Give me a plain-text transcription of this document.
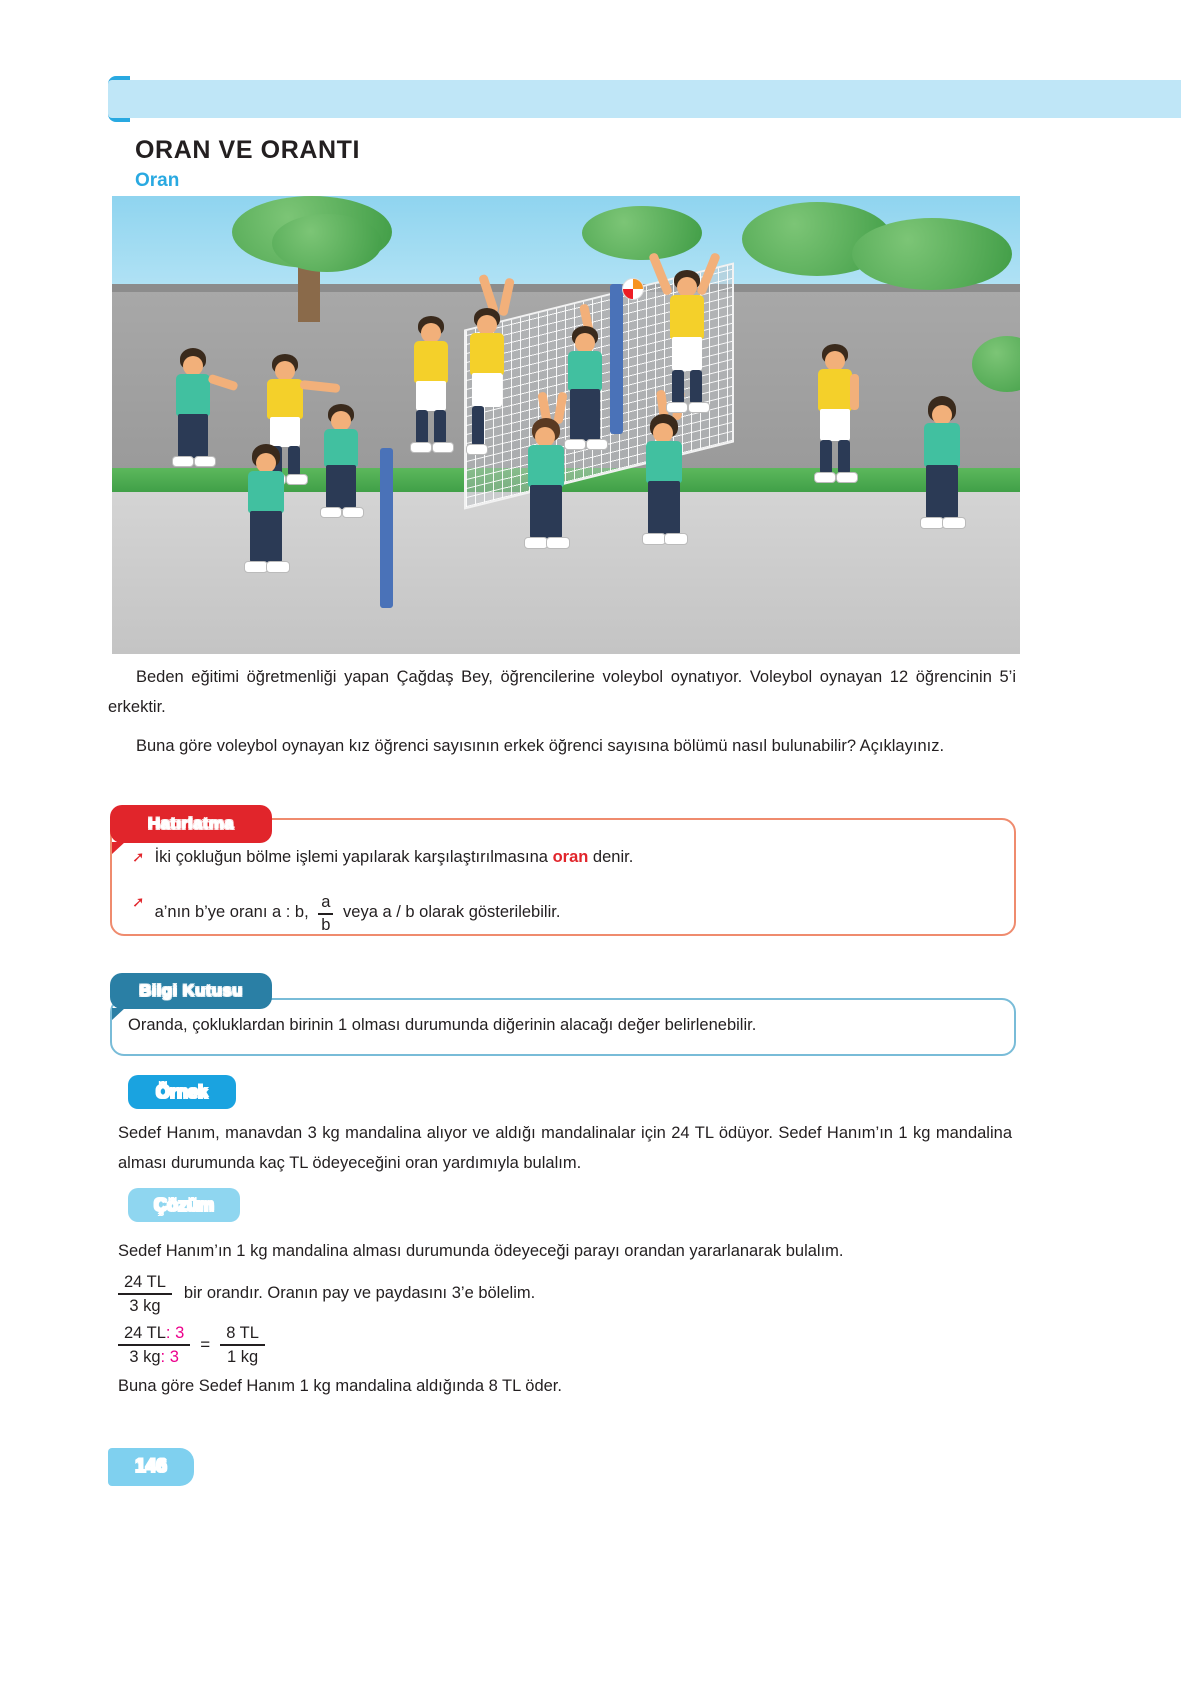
ORAN VE ORANTI
Oran
Beden eğitimi öğretmenliği yapan Çağdaş Bey, öğrencilerine voleybol oynatıyor. Voleybol oynayan 12 öğrencinin 5’i erkektir.
Buna göre voleybol oynayan kız öğrenci sayısının erkek öğrenci sayısına bölümü nasıl bulunabilir? Açıklayınız.
Hatırlatma
➚ İki çokluğun bölme işlemi yapılarak karşılaştırılmasına oran denir.
➚
a’nın b’ye oranı a : b, $\frac{a}{b}$ veya a / b olarak gösterilebilir.
Bilgi Kutusu
Oranda, çokluklardan birinin 1 olması durumunda diğerinin alacağı değer belirlenebilir.
Örnek
Sedef Hanım, manavdan 3 kg mandalina alıyor ve aldığı mandalinalar için 24 TL ödüyor. Sedef Hanım’ın 1 kg mandalina alması durumunda kaç TL ödeyeceğini oran yardımıyla bulalım.
Çözüm
Sedef Hanım’ın 1 kg mandalina alması durumunda ödeyeceği parayı orandan yararlanarak bulalım.
$\frac{24 TL}{3 kg}$ bir orandır. Oranın pay ve paydasını 3’e bölelim.
$\frac{24 TL: 3}{3 kg: 3} = \frac{8 TL}{1 kg}$
Buna göre Sedef Hanım 1 kg mandalina aldığında 8 TL öder.
146
